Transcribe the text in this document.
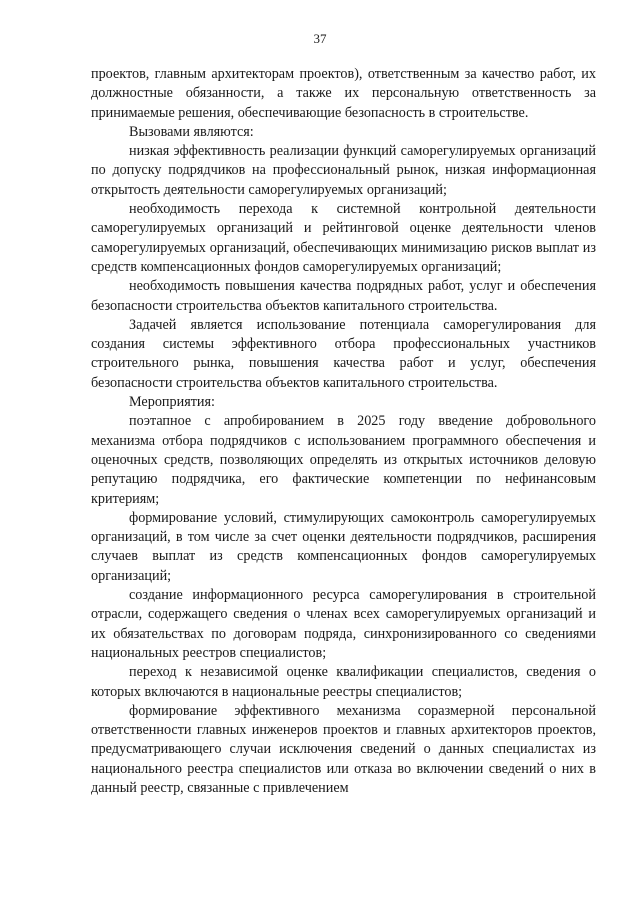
37

проектов, главным архитекторам проектов), ответственным за качество работ, их должностные обязанности, а также их персональную ответственность за принимаемые решения, обеспечивающие безопасность в строительстве.

Вызовами являются:

низкая эффективность реализации функций саморегулируемых организаций по допуску подрядчиков на профессиональный рынок, низкая информационная открытость деятельности саморегулируемых организаций;

необходимость перехода к системной контрольной деятельности саморегулируемых организаций и рейтинговой оценке деятельности членов саморегулируемых организаций, обеспечивающих минимизацию рисков выплат из средств компенсационных фондов саморегулируемых организаций;

необходимость повышения качества подрядных работ, услуг и обеспечения безопасности строительства объектов капитального строительства.

Задачей является использование потенциала саморегулирования для создания системы эффективного отбора профессиональных участников строительного рынка, повышения качества работ и услуг, обеспечения безопасности строительства объектов капитального строительства.

Мероприятия:

поэтапное с апробированием в 2025 году введение добровольного механизма отбора подрядчиков с использованием программного обеспечения и оценочных средств, позволяющих определять из открытых источников деловую репутацию подрядчика, его фактические компетенции по нефинансовым критериям;

формирование условий, стимулирующих самоконтроль саморегулируемых организаций, в том числе за счет оценки деятельности подрядчиков, расширения случаев выплат из средств компенсационных фондов саморегулируемых организаций;

создание информационного ресурса саморегулирования в строительной отрасли, содержащего сведения о членах всех саморегулируемых организаций и их обязательствах по договорам подряда, синхронизированного со сведениями национальных реестров специалистов;

переход к независимой оценке квалификации специалистов, сведения о которых включаются в национальные реестры специалистов;

формирование эффективного механизма соразмерной персональной ответственности главных инженеров проектов и главных архитекторов проектов, предусматривающего случаи исключения сведений о данных специалистах из национального реестра специалистов или отказа во включении сведений о них в данный реестр, связанные с привлечением
